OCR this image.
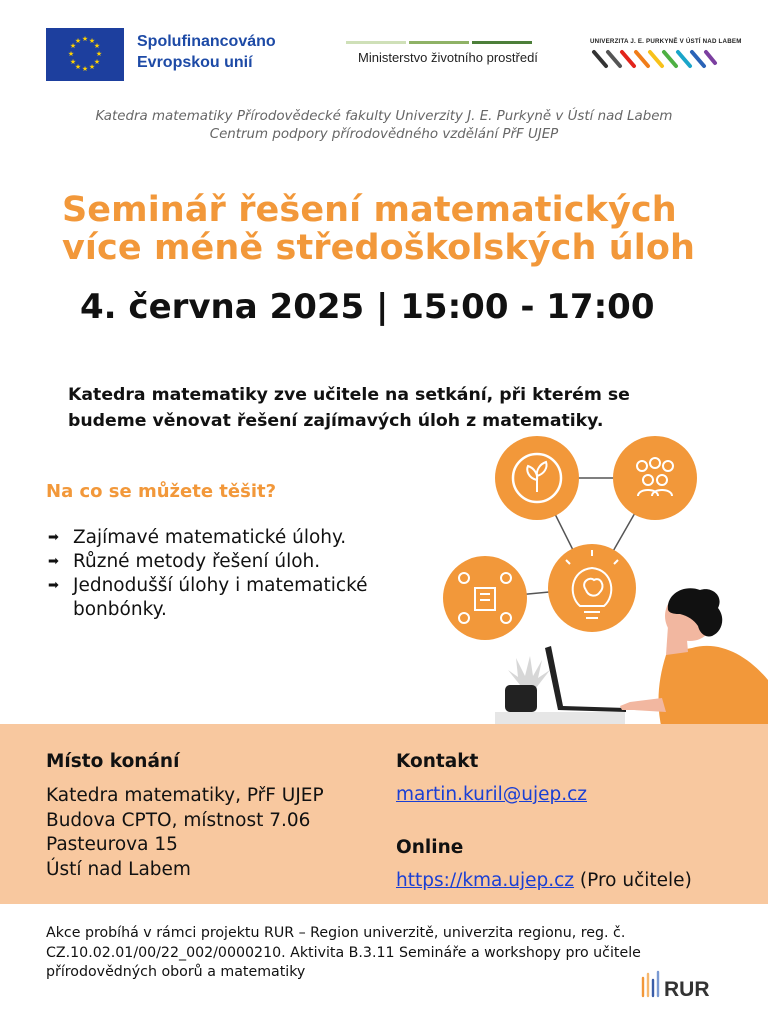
★ ★
★
★
★
★
★
★
★
★
★
★	Spolufinancováno
Evropskou unií	Ministerstvo životního prostředí
UNIVERZITA J. E. PURKYNĚ V ÚSTÍ NAD LABEM
Katedra matematiky Přírodovědecké fakulty Univerzity J. E. Purkyně v Ústí nad Labem
Centrum podpory přírodovědného vzdělání PřF UJEP
Seminář řešení matematických
více méně středoškolských úloh
4. června 2025 | 15:00 - 17:00
Katedra matematiky zve učitele na setkání, při kterém se
budeme věnovat řešení zajímavých úloh z matematiky.
Na co se můžete těšit?
➡ Zajímavé matematické úlohy.
➡ Různé metody řešení úloh.
➡ Jednodušší úlohy i matematické bonbónky.
Místo konání
Katedra matematiky, PřF UJEP
Budova CPTO, místnost 7.06
Pasteurova 15
Ústí nad Labem
Kontakt
martin.kuril@ujep.cz
Online
https://kma.ujep.cz (Pro učitele)
Akce probíhá v rámci projektu RUR – Region univerzitě, univerzita regionu, reg. č. CZ.10.02.01/00/22_002/0000210. Aktivita B.3.11 Semináře a workshopy pro učitele přírodovědných oborů a matematiky
RUR
